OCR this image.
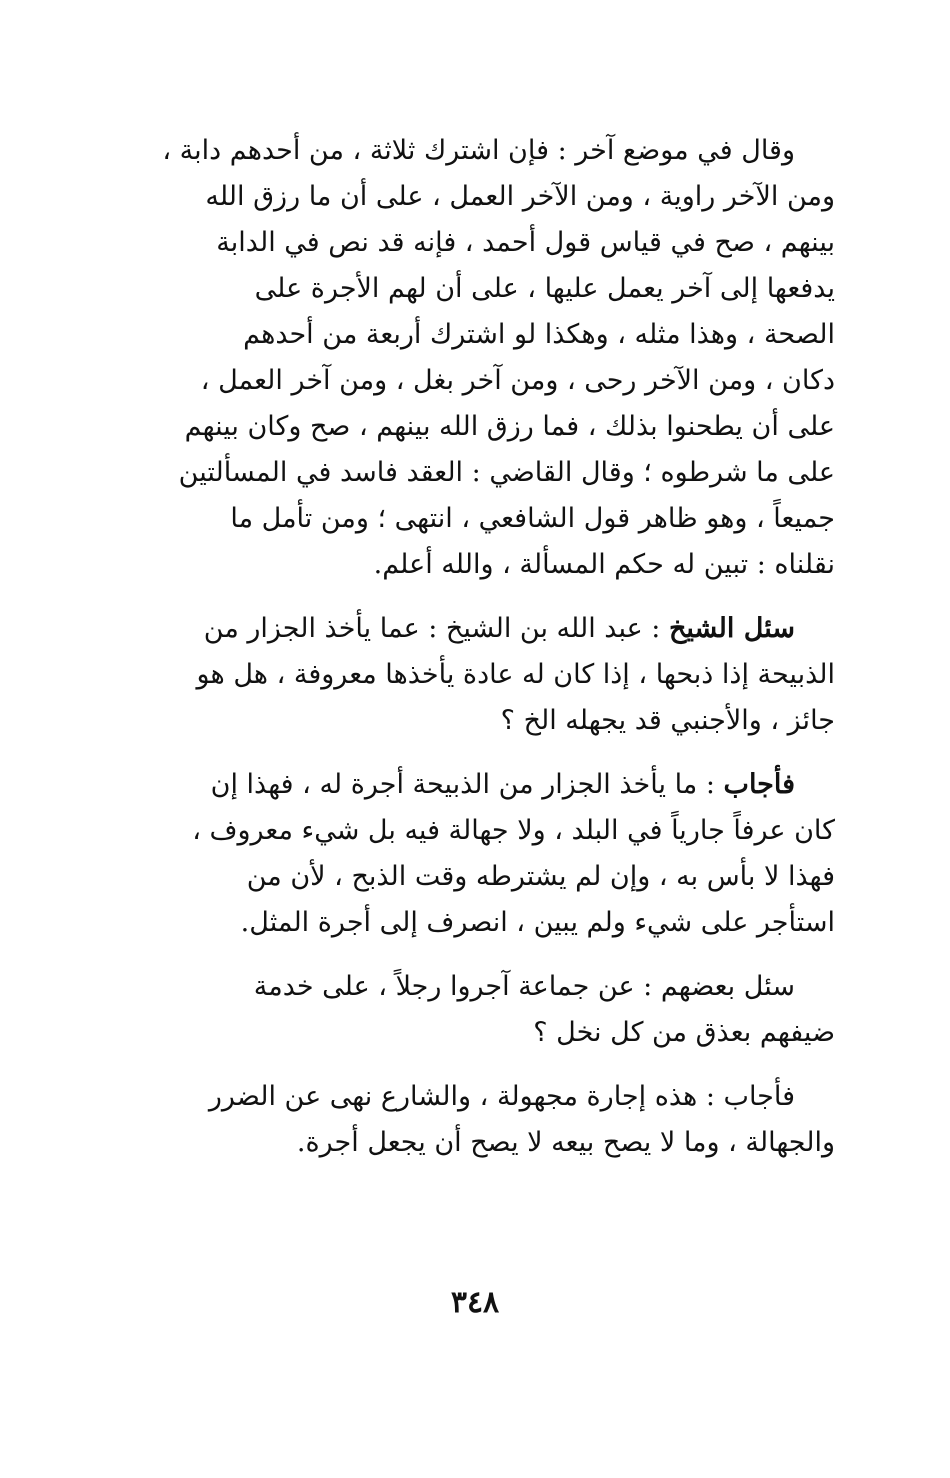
وقال في موضع آخر : فإن اشترك ثلاثة ، من أحدهم دابة ،
ومن الآخر راوية ، ومن الآخر العمل ، على أن ما رزق الله
بينهم ، صح في قياس قول أحمد ، فإنه قد نص في الدابة
يدفعها إلى آخر يعمل عليها ، على أن لهم الأجرة على
الصحة ، وهذا مثله ، وهكذا لو اشترك أربعة من أحدهم
دكان ، ومن الآخر رحى ، ومن آخر بغل ، ومن آخر العمل ،
على أن يطحنوا بذلك ، فما رزق الله بينهم ، صح وكان بينهم
على ما شرطوه ؛ وقال القاضي : العقد فاسد في المسألتين
جميعاً ، وهو ظاهر قول الشافعي ، انتهى ؛ ومن تأمل ما
نقلناه : تبين له حكم المسألة ، والله أعلم.
سئل الشيخ : عبد الله بن الشيخ : عما يأخذ الجزار من
الذبيحة إذا ذبحها ، إذا كان له عادة يأخذها معروفة ، هل هو
جائز ، والأجنبي قد يجهله الخ ؟
فأجاب : ما يأخذ الجزار من الذبيحة أجرة له ، فهذا إن
كان عرفاً جارياً في البلد ، ولا جهالة فيه بل شيء معروف ،
فهذا لا بأس به ، وإن لم يشترطه وقت الذبح ، لأن من
استأجر على شيء ولم يبين ، انصرف إلى أجرة المثل.
سئل بعضهم : عن جماعة آجروا رجلاً ، على خدمة
ضيفهم بعذق من كل نخل ؟
فأجاب : هذه إجارة مجهولة ، والشارع نهى عن الضرر
والجهالة ، وما لا يصح بيعه لا يصح أن يجعل أجرة.
٣٤٨
